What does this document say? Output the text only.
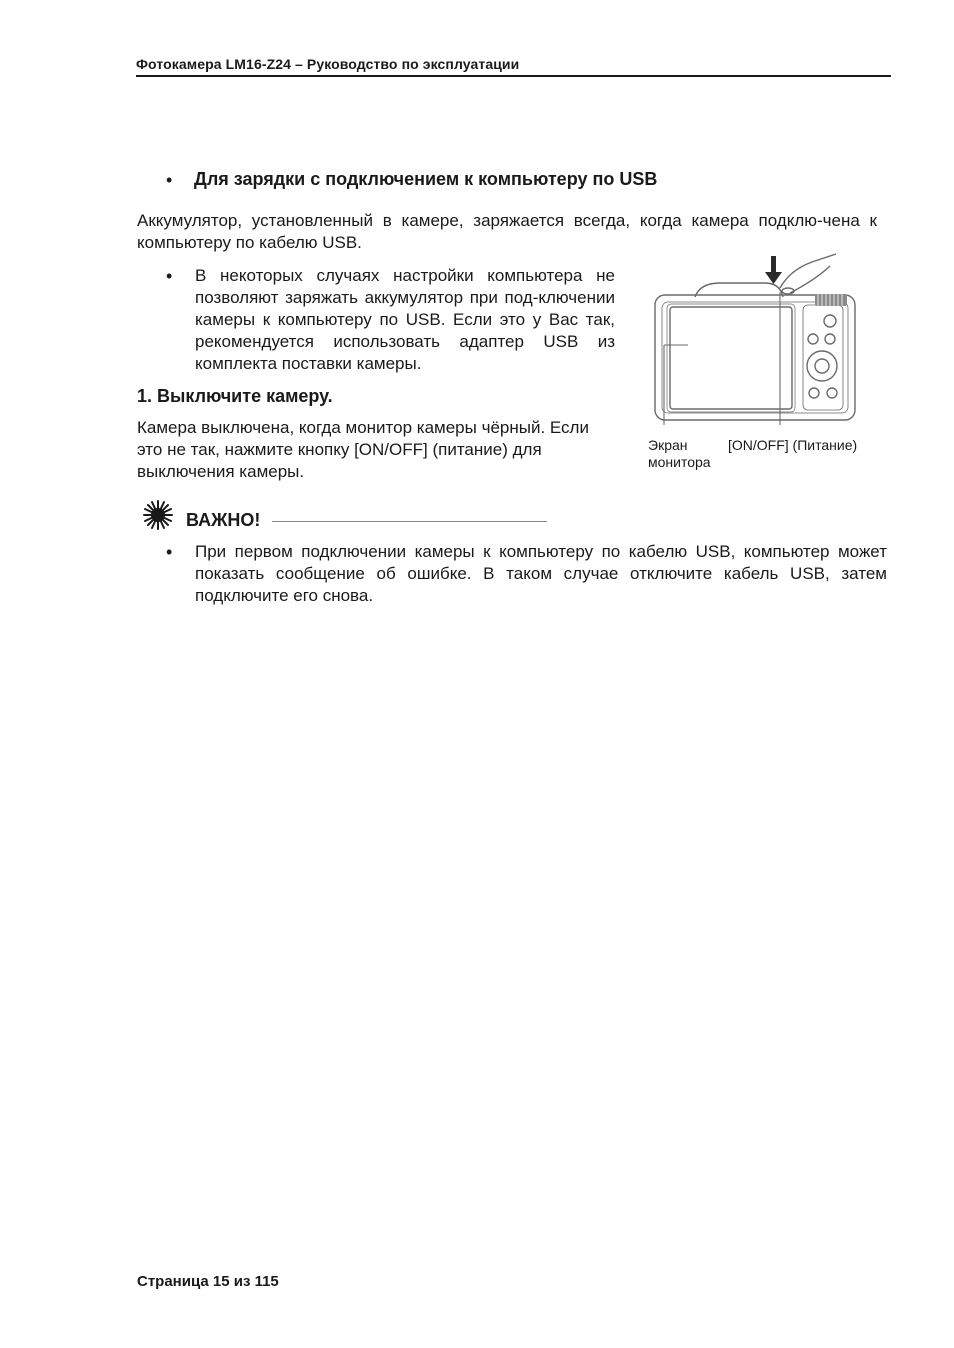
Фотокамера LM16-Z24 – Руководство по эксплуатации
• Для зарядки с подключением к компьютеру по USB

Аккумулятор, установленный в камере, заряжается всегда, когда камера подклю-чена к компьютеру по кабелю USB.

• В некоторых случаях настройки компьютера не позволяют заряжать аккумулятор при под-ключении камеры к компьютеру по USB. Если это у Вас так, рекомендуется использовать адаптер USB из комплекта поставки камеры.

1. Выключите камеру.

Камера выключена, когда монитор камеры чёрный. Если это не так, нажмите кнопку [ON/OFF] (питание) для выключения камеры.

Экран
монитора
[ON/OFF] (Питание)
ВАЖНО!
• При первом подключении камеры к компьютеру по кабелю USB, компьютер может показать сообщение об ошибке. В таком случае отключите кабель USB, затем подключите его снова.

Страница 15 из 115
